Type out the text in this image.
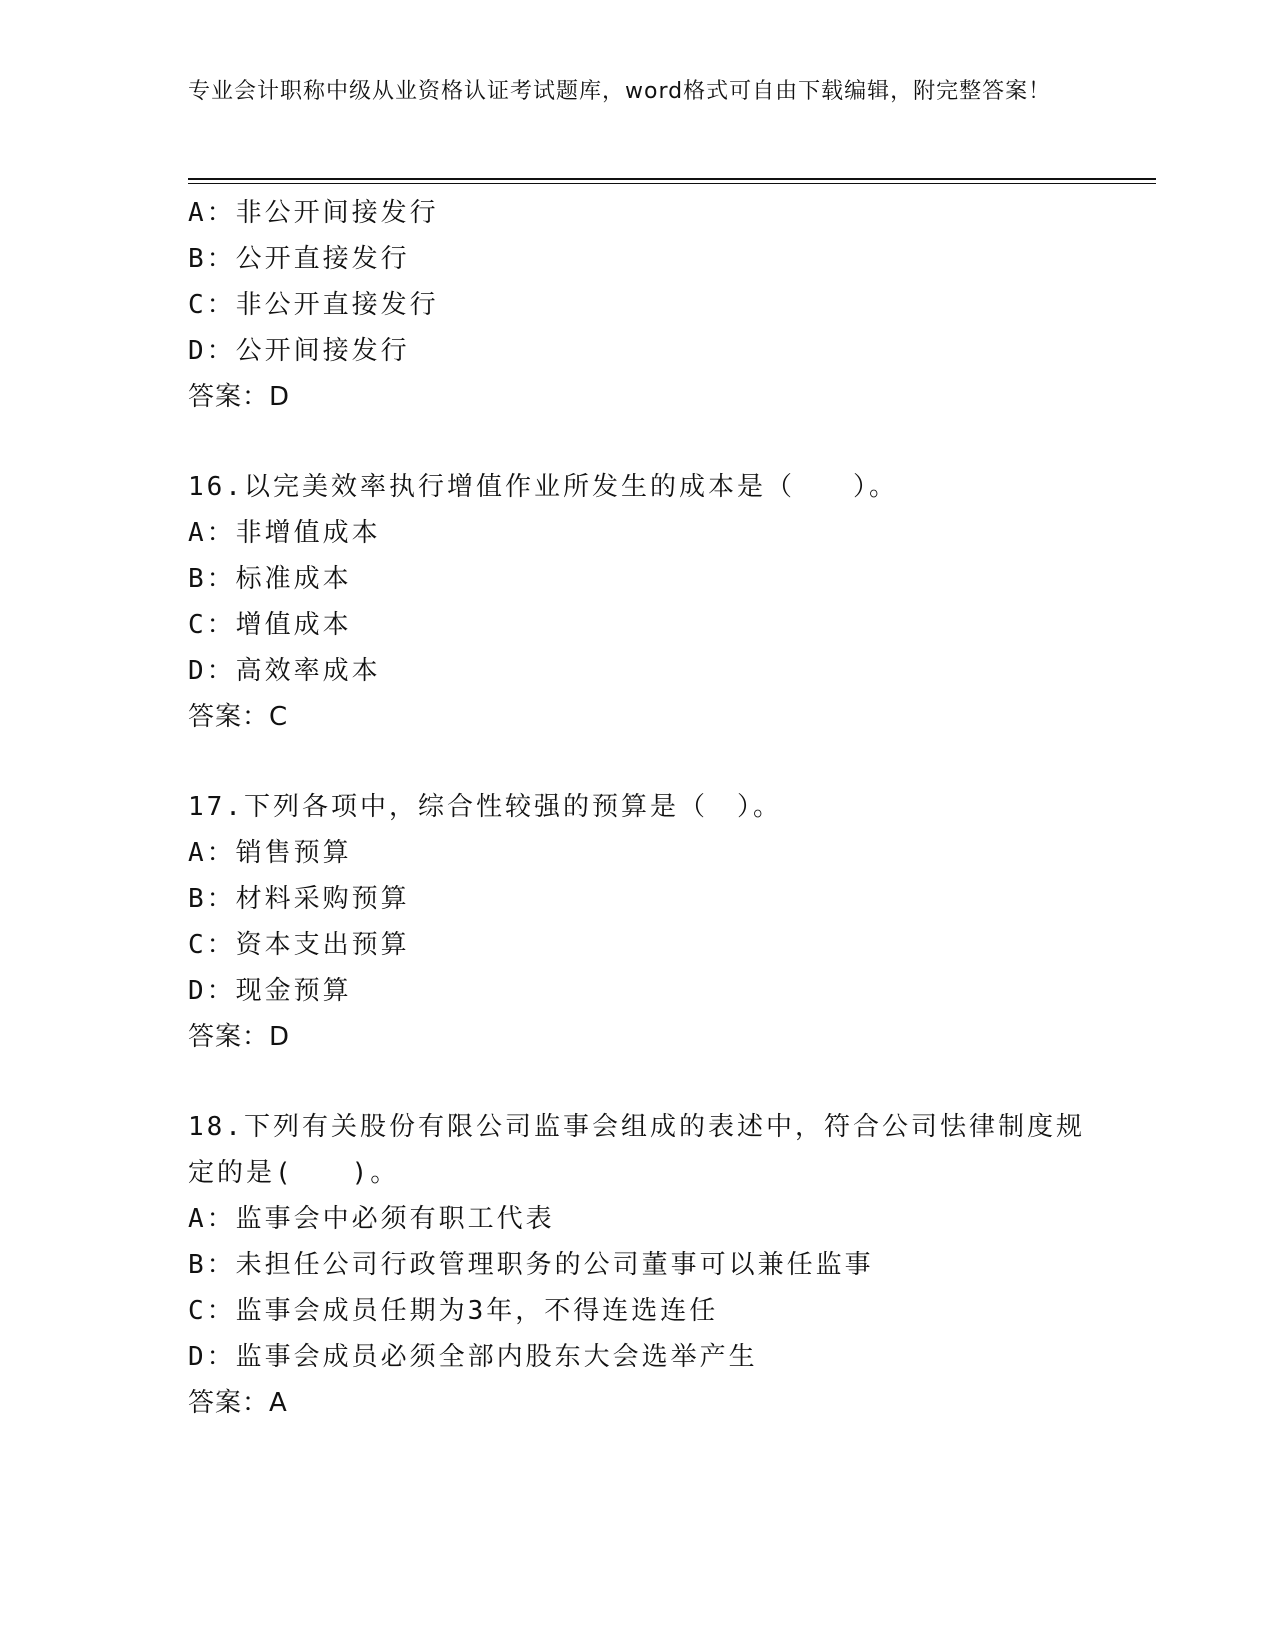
专业会计职称中级从业资格认证考试题库，word格式可自由下载编辑，附完整答案！
A：非公开间接发行
B：公开直接发行
C：非公开直接发行
D：公开间接发行
答案：D
16.以完美效率执行增值作业所发生的成本是（　　）。
A：非增值成本
B：标准成本
C：增值成本
D：高效率成本
答案：C
17.下列各项中，综合性较强的预算是（　）。
A：销售预算
B：材料采购预算
C：资本支出预算
D：现金预算
答案：D
18.下列有关股份有限公司监事会组成的表述中，符合公司怯律制度规定的是(　　)。
A：监事会中必须有职工代表
B：未担任公司行政管理职务的公司董事可以兼任监事
C：监事会成员任期为3年，不得连选连任
D：监事会成员必须全部内股东大会选举产生
答案：A
